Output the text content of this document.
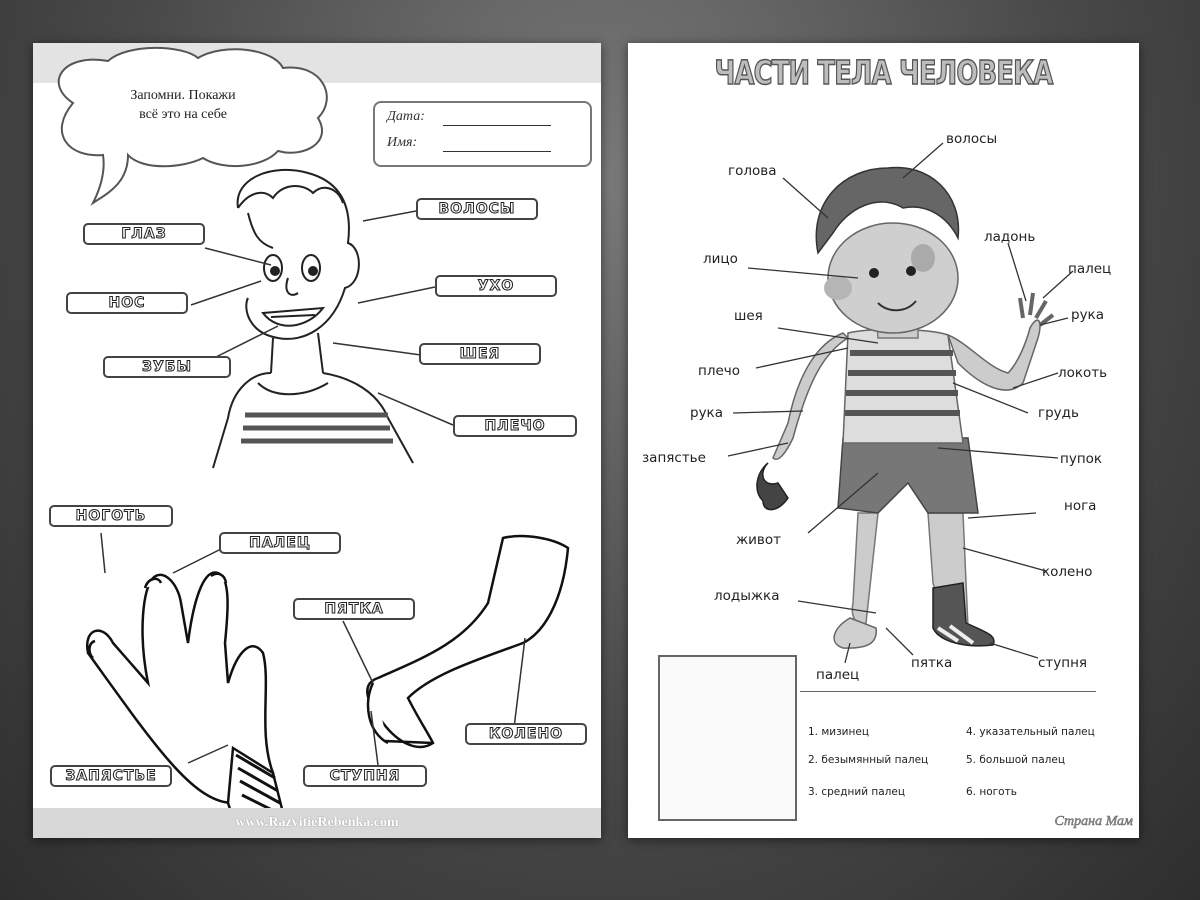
Запомни. Покажи
всё это на себе	Дата:
Имя:
ВОЛОСЫ
ГЛАЗ
НОС
УХО
ЗУБЫ
ШЕЯ
ПЛЕЧО
НОГОТЬ
ПАЛЕЦ
ПЯТКА
КОЛЕНО
ЗАПЯСТЬЕ	СТУПНЯ
www.RazvitieRebenka.com
ЧАСТИ ТЕЛА ЧЕЛОВЕКА
волосы
голова
ладонь
лицо
палец
шея	рука
плечо	локоть
рука	грудь
запястье	пупок
нога
живот
колено
лодыжка
палец
пятка	ступня
1. мизинец
2. безымянный палец
3. средний палец
4. указательный палец
5. большой палец
6. ноготь
Страна Мам
